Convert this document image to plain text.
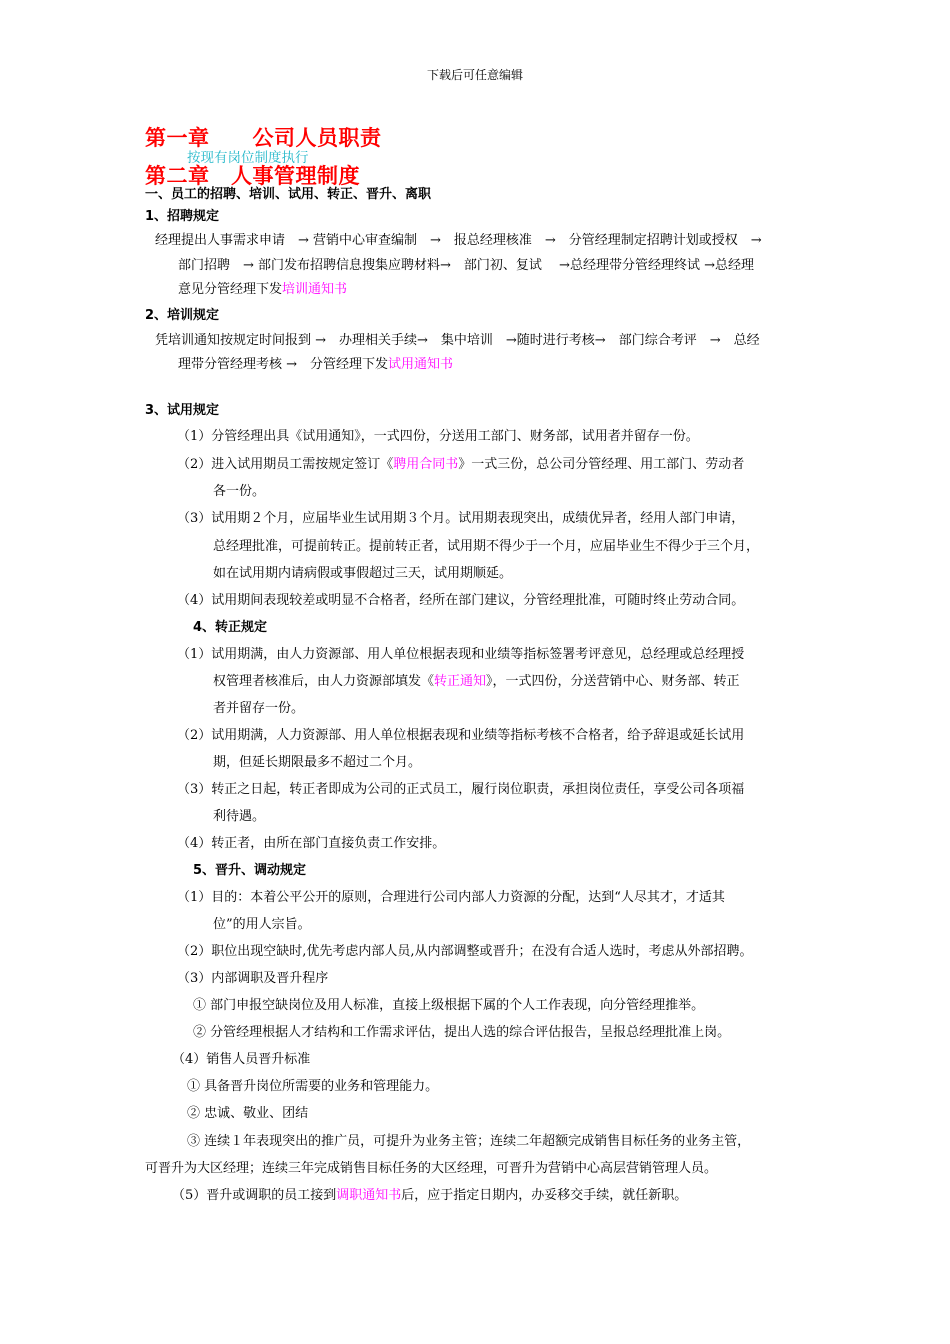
下载后可任意编辑
第一章　　公司人员职责
按现有岗位制度执行
第二章　人事管理制度
一、员工的招聘、培训、试用、转正、晋升、离职
1、招聘规定
经理提出人事需求申请　→ 营销中心审查编制　→　报总经理核准　→　分管经理制定招聘计划或授权　→
部门招聘　→ 部门发布招聘信息搜集应聘材料→　部门初、复试　 →总经理带分管经理终试 →总经理
意见分管经理下发培训通知书
2、培训规定
凭培训通知按规定时间报到 →　办理相关手续→　集中培训　→随时进行考核→　部门综合考评　→　总经
理带分管经理考核 →　分管经理下发试用通知书
3、试用规定
（1）分管经理出具《试用通知》，一式四份，分送用工部门、财务部，试用者并留存一份。
（2）进入试用期员工需按规定签订《聘用合同书》一式三份，总公司分管经理、用工部门、劳动者
各一份。
（3）试用期２个月，应届毕业生试用期３个月。试用期表现突出，成绩优异者，经用人部门申请，
总经理批准，可提前转正。提前转正者，试用期不得少于一个月，应届毕业生不得少于三个月，
如在试用期内请病假或事假超过三天，试用期顺延。
（4）试用期间表现较差或明显不合格者，经所在部门建议，分管经理批准，可随时终止劳动合同。
4、转正规定
（1）试用期满，由人力资源部、用人单位根据表现和业绩等指标签署考评意见，总经理或总经理授
权管理者核准后，由人力资源部填发《转正通知》，一式四份，分送营销中心、财务部、转正
者并留存一份。
（2）试用期满，人力资源部、用人单位根据表现和业绩等指标考核不合格者，给予辞退或延长试用
期，但延长期限最多不超过二个月。
（3）转正之日起，转正者即成为公司的正式员工，履行岗位职责，承担岗位责任，享受公司各项福
利待遇。
（4）转正者，由所在部门直接负责工作安排。
5、晋升、调动规定
（1）目的：本着公平公开的原则，合理进行公司内部人力资源的分配，达到“人尽其才，才适其
位”的用人宗旨。
（2）职位出现空缺时,优先考虑内部人员,从内部调整或晋升；在没有合适人选时，考虑从外部招聘。
（3）内部调职及晋升程序
① 部门申报空缺岗位及用人标准，直接上级根据下属的个人工作表现，向分管经理推举。
② 分管经理根据人才结构和工作需求评估，提出人选的综合评估报告，呈报总经理批准上岗。
（4）销售人员晋升标准
① 具备晋升岗位所需要的业务和管理能力。
② 忠诚、敬业、团结
③ 连续１年表现突出的推广员，可提升为业务主管；连续二年超额完成销售目标任务的业务主管，
可晋升为大区经理；连续三年完成销售目标任务的大区经理，可晋升为营销中心高层营销管理人员。
（5）晋升或调职的员工接到调职通知书后，应于指定日期内，办妥移交手续，就任新职。
